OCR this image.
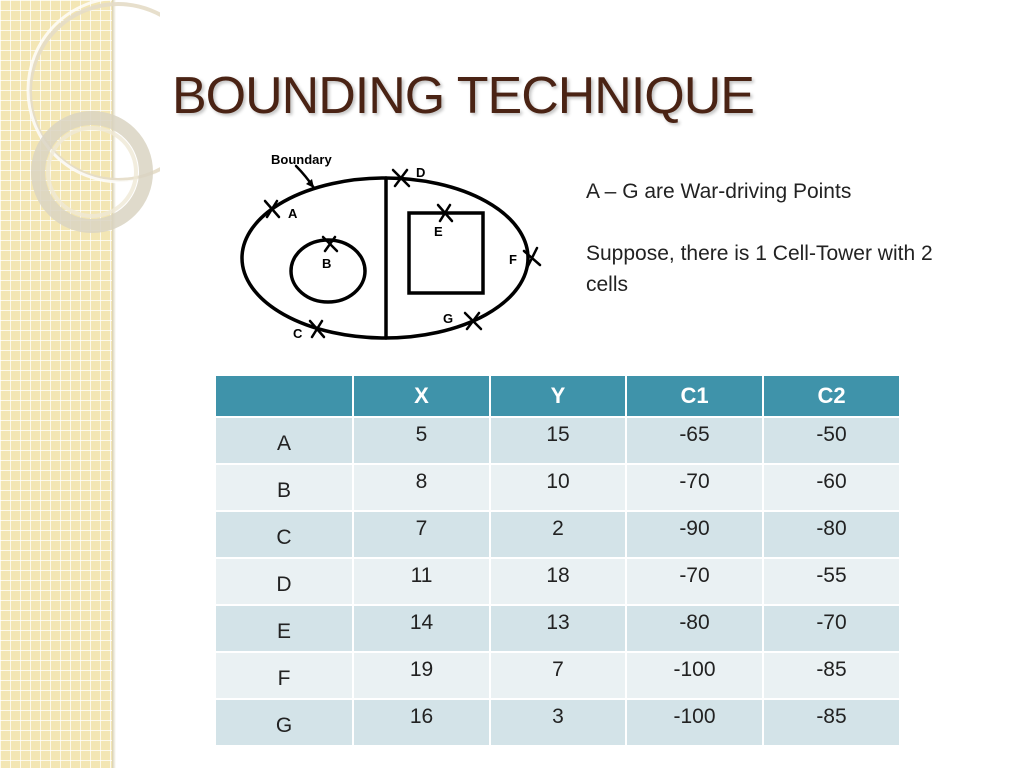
BOUNDING TECHNIQUE
Boundary
A
B
C
D
E
F
G

A – G are War-driving Points

Suppose, there is 1 Cell-Tower with 2 cells

	X	Y	C1	C2
A	5	15	-65	-50
B	8	10	-70	-60
C	7	2	-90	-80
D	11	18	-70	-55
E	14	13	-80	-70
F	19	7	-100	-85
G	16	3	-100	-85
